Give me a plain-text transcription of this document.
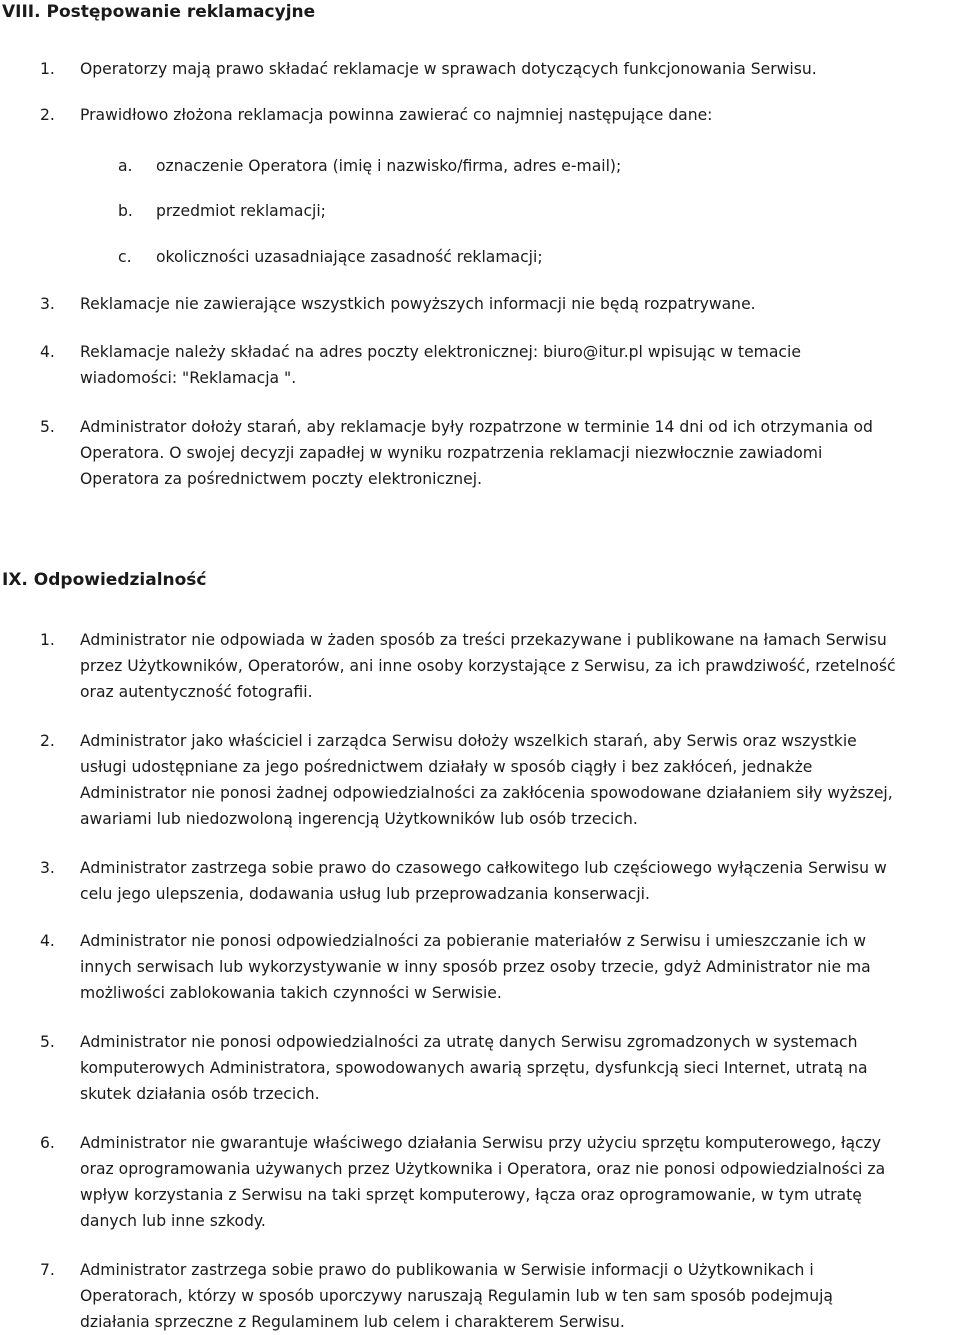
VIII. Postępowanie reklamacyjne
1.	Operatorzy mają prawo składać reklamacje w sprawach dotyczących funkcjonowania Serwisu.
2.	Prawidłowo złożona reklamacja powinna zawierać co najmniej następujące dane:
a.	oznaczenie Operatora (imię i nazwisko/firma, adres e-mail);
b.	przedmiot reklamacji;
c.	okoliczności uzasadniające zasadność reklamacji;
3.	Reklamacje nie zawierające wszystkich powyższych informacji nie będą rozpatrywane.
4.	Reklamacje należy składać na adres poczty elektronicznej: biuro@itur.pl wpisując w temacie
wiadomości: "Reklamacja ".
5.	Administrator dołoży starań, aby reklamacje były rozpatrzone w terminie 14 dni od ich otrzymania od
Operatora. O swojej decyzji zapadłej w wyniku rozpatrzenia reklamacji niezwłocznie zawiadomi
Operatora za pośrednictwem poczty elektronicznej.
IX. Odpowiedzialność
1.	Administrator nie odpowiada w żaden sposób za treści przekazywane i publikowane na łamach Serwisu
przez Użytkowników, Operatorów, ani inne osoby korzystające z Serwisu, za ich prawdziwość, rzetelność
oraz autentyczność fotografii.
2.	Administrator jako właściciel i zarządca Serwisu dołoży wszelkich starań, aby Serwis oraz wszystkie
usługi udostępniane za jego pośrednictwem działały w sposób ciągły i bez zakłóceń, jednakże
Administrator nie ponosi żadnej odpowiedzialności za zakłócenia spowodowane działaniem siły wyższej,
awariami lub niedozwoloną ingerencją Użytkowników lub osób trzecich.
3.	Administrator zastrzega sobie prawo do czasowego całkowitego lub częściowego wyłączenia Serwisu w
celu jego ulepszenia, dodawania usług lub przeprowadzania konserwacji.
4.	Administrator nie ponosi odpowiedzialności za pobieranie materiałów z Serwisu i umieszczanie ich w
innych serwisach lub wykorzystywanie w inny sposób przez osoby trzecie, gdyż Administrator nie ma
możliwości zablokowania takich czynności w Serwisie.
5.	Administrator nie ponosi odpowiedzialności za utratę danych Serwisu zgromadzonych w systemach
komputerowych Administratora, spowodowanych awarią sprzętu, dysfunkcją sieci Internet, utratą na
skutek działania osób trzecich.
6.	Administrator nie gwarantuje właściwego działania Serwisu przy użyciu sprzętu komputerowego, łączy
oraz oprogramowania używanych przez Użytkownika i Operatora, oraz nie ponosi odpowiedzialności za
wpływ korzystania z Serwisu na taki sprzęt komputerowy, łącza oraz oprogramowanie, w tym utratę
danych lub inne szkody.
7.	Administrator zastrzega sobie prawo do publikowania w Serwisie informacji o Użytkownikach i
Operatorach, którzy w sposób uporczywy naruszają Regulamin lub w ten sam sposób podejmują
działania sprzeczne z Regulaminem lub celem i charakterem Serwisu.
